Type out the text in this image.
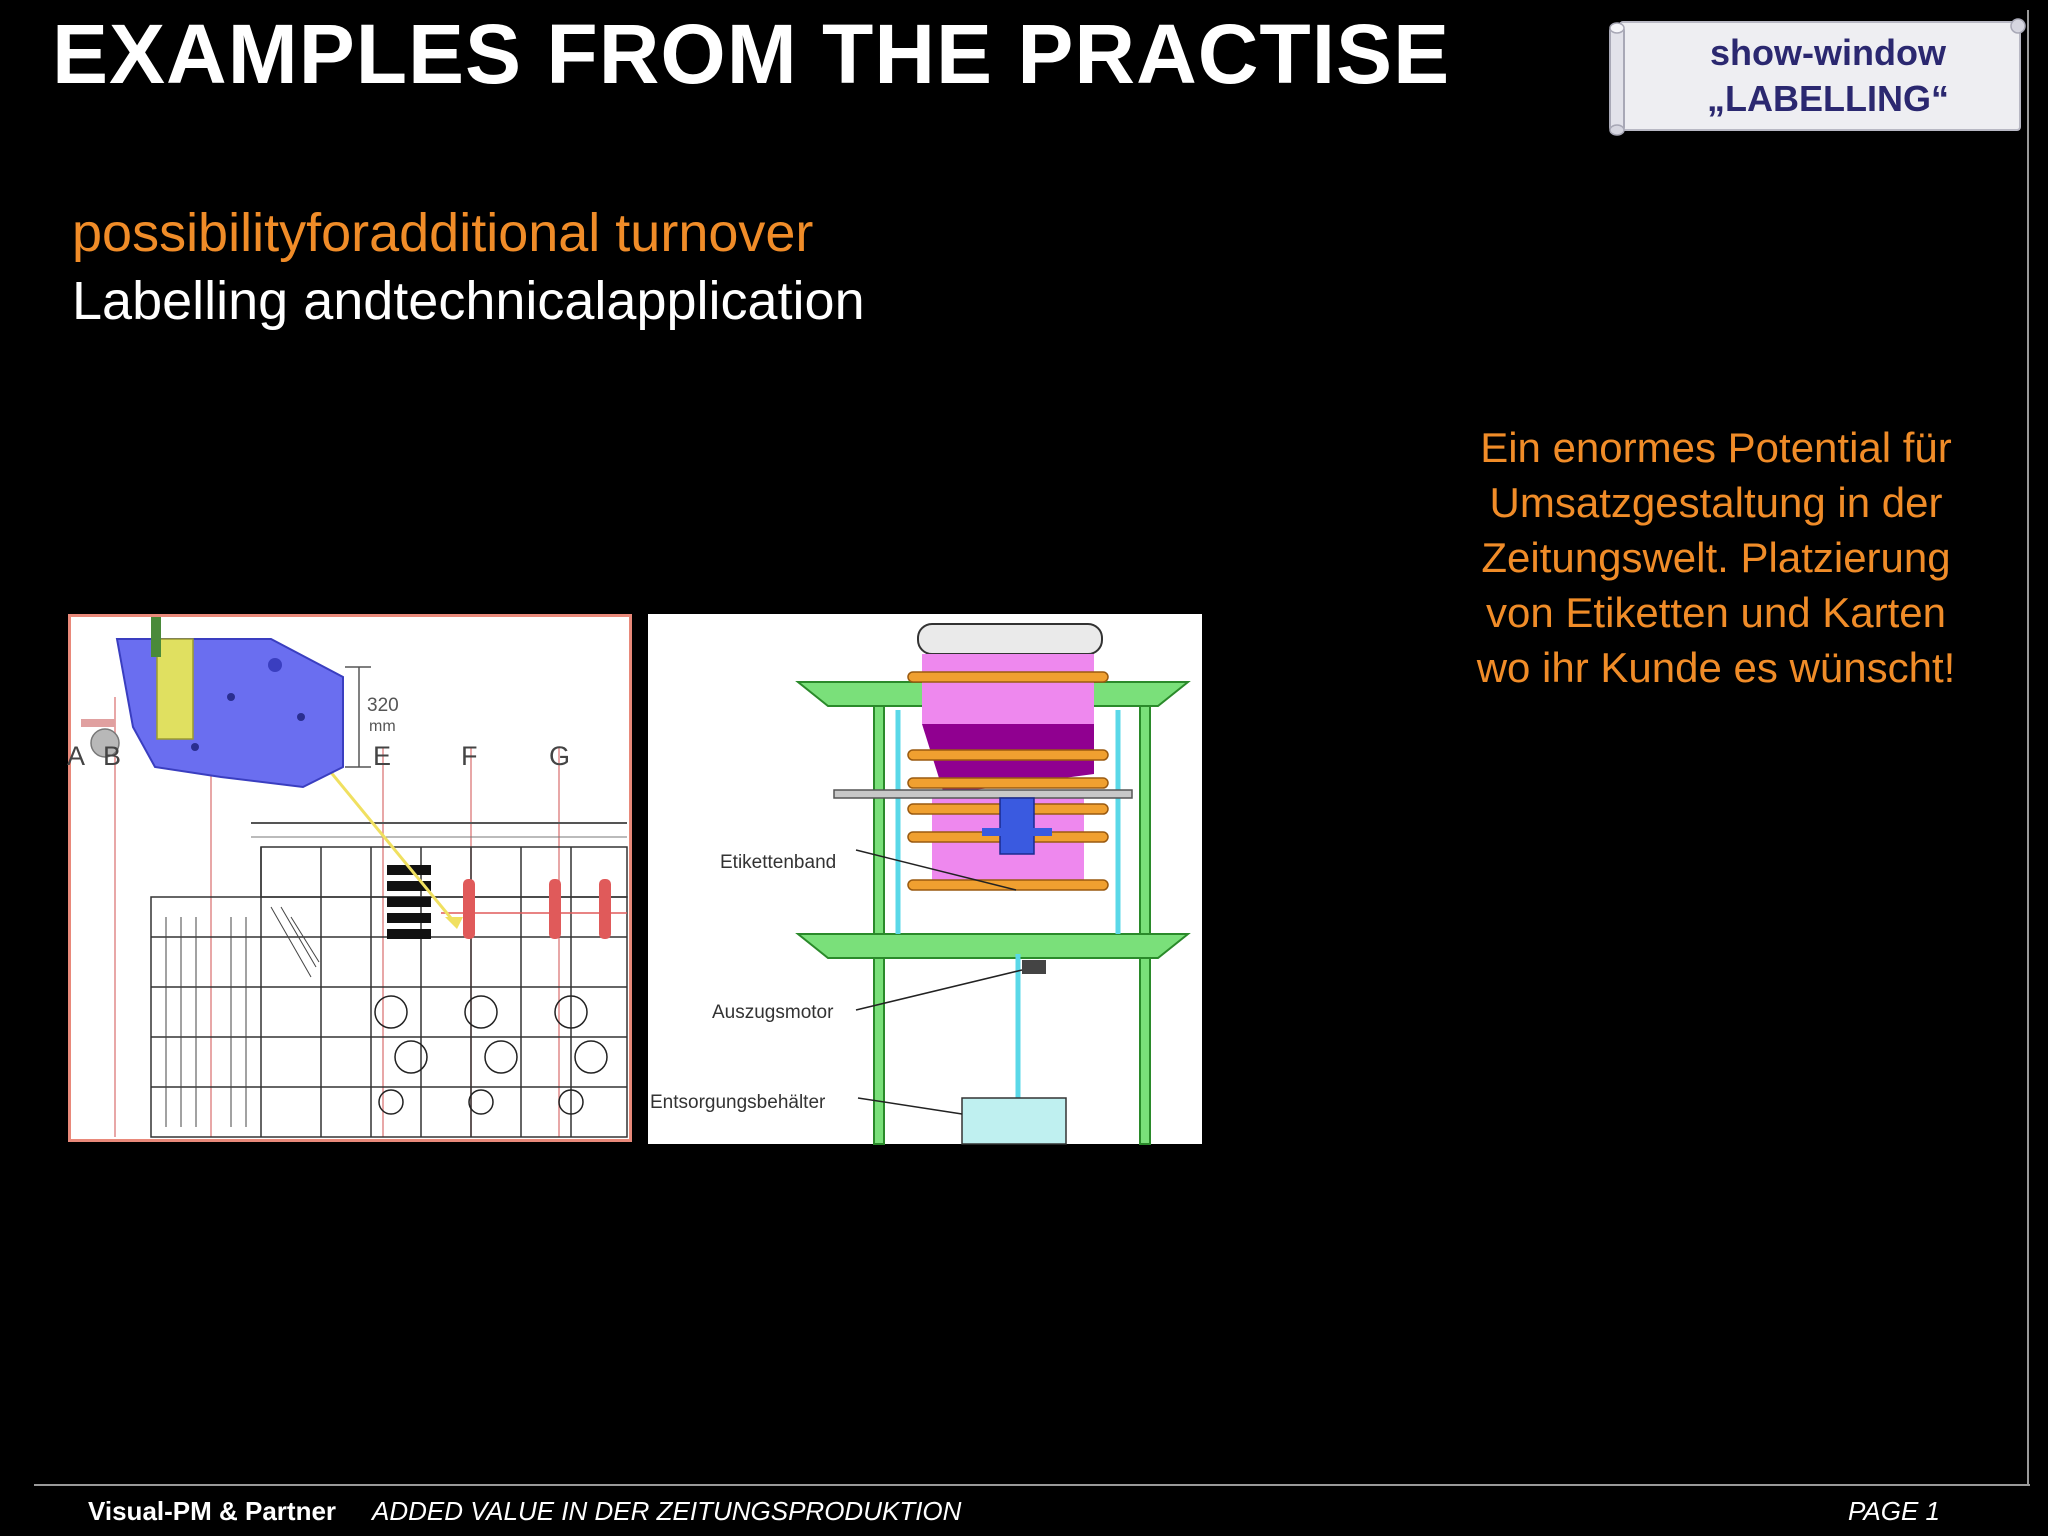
EXAMPLES FROM THE PRACTISE	show-window
„LABELLING“
possibilityforadditional turnover
Labelling andtechnicalapplication
Ein enormes Potential für
Umsatzgestaltung in der
Zeitungswelt. Platzierung
von Etiketten und Karten
wo ihr Kunde es wünscht!
320
mm
A B	E	F	G
Etikettenband
Auszugsmotor
Entsorgungsbehälter
Visual-PM & Partner ADDED VALUE IN DER ZEITUNGSPRODUKTION	PAGE 1
